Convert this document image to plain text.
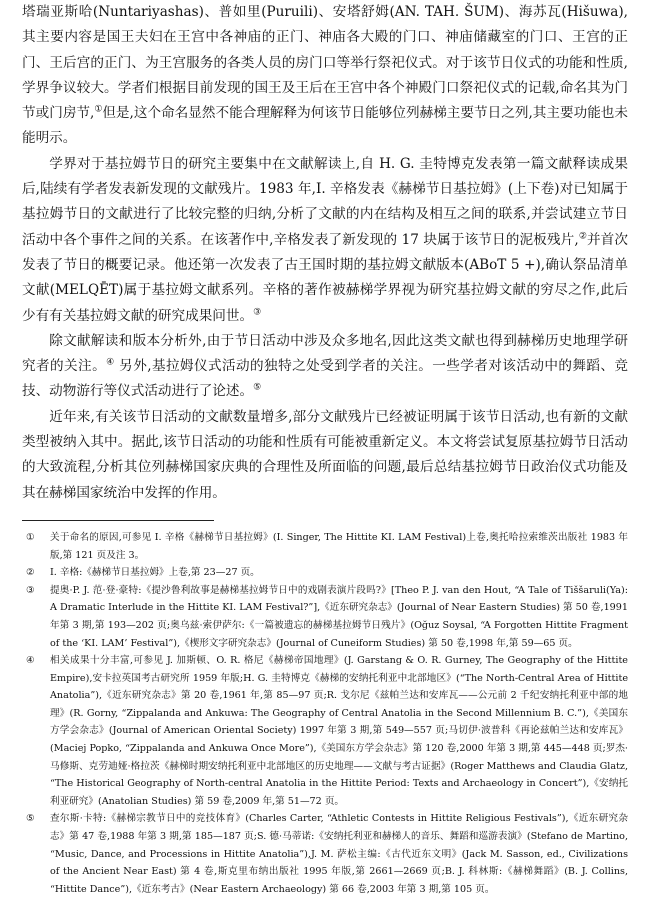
塔瑞亚斯哈(Nuntariyashas)、普如里(Puruili)、安塔舒姆(AN. TAH. ŠUM)、海苏瓦(Hišuwa),其主要内容是国王夫妇在王宫中各神庙的正门、神庙各大殿的门口、神庙储藏室的门口、王宫的正门、王后宫的正门、为王宫服务的各类人员的房门口等举行祭祀仪式。对于该节日仪式的功能和性质,学界争议较大。学者们根据目前发现的国王及王后在王宫中各个神殿门口祭祀仪式的记载,命名其为门节或门房节,①但是,这个命名显然不能合理解释为何该节日能够位列赫梯主要节日之列,其主要功能也未能明示。

学界对于基拉姆节日的研究主要集中在文献解读上,自 H. G. 圭特博克发表第一篇文献释读成果后,陆续有学者发表新发现的文献残片。1983 年,I. 辛格发表《赫梯节日基拉姆》(上下卷)对已知属于基拉姆节日的文献进行了比较完整的归纳,分析了文献的内在结构及相互之间的联系,并尝试建立节日活动中各个事件之间的关系。在该著作中,辛格发表了新发现的 17 块属于该节日的泥板残片,②并首次发表了节日的概要记录。他还第一次发表了古王国时期的基拉姆文献版本(ABoT 5 +),确认祭品清单文献(MELQĒT)属于基拉姆文献系列。辛格的著作被赫梯学界视为研究基拉姆文献的穷尽之作,此后少有有关基拉姆文献的研究成果问世。③

除文献解读和版本分析外,由于节日活动中涉及众多地名,因此这类文献也得到赫梯历史地理学研究者的关注。④ 另外,基拉姆仪式活动的独特之处受到学者的关注。一些学者对该活动中的舞蹈、竞技、动物游行等仪式活动进行了论述。⑤

近年来,有关该节日活动的文献数量增多,部分文献残片已经被证明属于该节日活动,也有新的文献类型被纳入其中。据此,该节日活动的功能和性质有可能被重新定义。本文将尝试复原基拉姆节日活动的大致流程,分析其位列赫梯国家庆典的合理性及所面临的问题,最后总结基拉姆节日政治仪式功能及其在赫梯国家统治中发挥的作用。

①	关于命名的原因,可参见 I. 辛格《赫梯节日基拉姆》(I. Singer, The Hittite KI. LAM Festival)上卷,奥托哈拉索维茨出版社 1983 年版,第 121 页及注 3。
②	I. 辛格:《赫梯节日基拉姆》上卷,第 23—27 页。
③	提奥·P. J. 范·登·豪特:《提沙鲁利故事是赫梯基拉姆节日中的戏剧表演片段吗?》[Theo P. J. van den Hout, “A Tale of Tiššaruli(Ya): A Dramatic Interlude in the Hittite KI. LAM Festival?”],《近东研究杂志》(Journal of Near Eastern Studies) 第 50 卷,1991 年第 3 期,第 193—202 页;奥乌兹·索伊萨尔:《一篇被遗忘的赫梯基拉姆节日残片》(Oğuz Soysal, “A Forgotten Hittite Fragment of the ‘KI. LAM’ Festival”),《楔形文字研究杂志》(Journal of Cuneiform Studies) 第 50 卷,1998 年,第 59—65 页。
④	相关成果十分丰富,可参见 J. 加斯顿、O. R. 格尼《赫梯帝国地理》(J. Garstang & O. R. Gurney, The Geography of the Hittite Empire),安卡拉英国考古研究所 1959 年版;H. G. 圭特博克《赫梯的安纳托利亚中北部地区》(“The North-Central Area of Hittite Anatolia”),《近东研究杂志》第 20 卷,1961 年,第 85—97 页;R. 戈尔尼《兹帕兰达和安库瓦——公元前 2 千纪安纳托利亚中部的地理》(R. Gorny, “Zippalanda and Ankuwa: The Geography of Central Anatolia in the Second Millennium B. C.”),《美国东方学会杂志》(Journal of American Oriental Society) 1997 年第 3 期,第 549—557 页;马切伊·波普科《再论兹帕兰达和安库瓦》(Maciej Popko, “Zippalanda and Ankuwa Once More”),《美国东方学会杂志》第 120 卷,2000 年第 3 期,第 445—448 页;罗杰·马修斯、克劳迪娅·格拉茨《赫梯时期安纳托利亚中北部地区的历史地理——文献与考古证据》(Roger Matthews and Claudia Glatz, “The Historical Geography of North-central Anatolia in the Hittite Period: Texts and Archaeology in Concert”),《安纳托利亚研究》(Anatolian Studies) 第 59 卷,2009 年,第 51—72 页。
⑤	查尔斯·卡特:《赫梯宗教节日中的竞技体育》(Charles Carter, “Athletic Contests in Hittite Religious Festivals”),《近东研究杂志》第 47 卷,1988 年第 3 期,第 185—187 页;S. 德·马蒂诺:《安纳托利亚和赫梯人的音乐、舞蹈和巡游表演》(Stefano de Martino, “Music, Dance, and Processions in Hittite Anatolia”),J. M. 萨松主编:《古代近东文明》(Jack M. Sasson, ed., Civilizations of the Ancient Near East) 第 4 卷,斯克里布纳出版社 1995 年版,第 2661—2669 页;B. J. 科林斯:《赫梯舞蹈》(B. J. Collins, “Hittite Dance”),《近东考古》(Near Eastern Archaeology) 第 66 卷,2003 年第 3 期,第 105 页。
